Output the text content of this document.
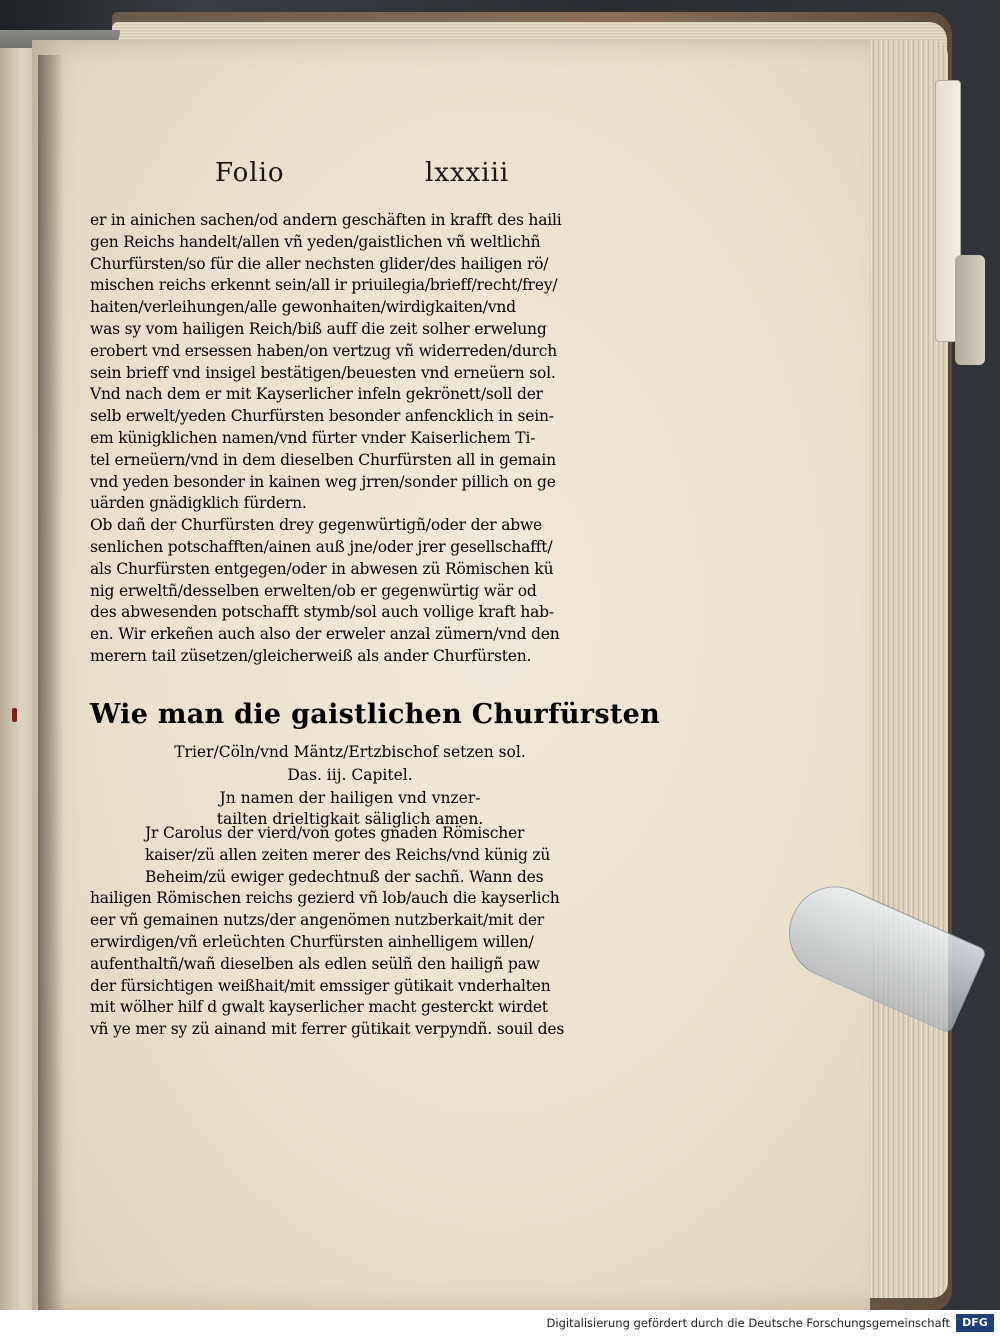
Folio	lxxxiii
er in ainichen sachen/od andern geschäften in krafft des haili
gen Reichs handelt/allen vñ yeden/gaistlichen vñ weltlichñ
Churfürsten/so für die aller nechsten glider/des hailigen rö/
mischen reichs erkennt sein/all ir priuilegia/brieff/recht/frey/
haiten/verleihungen/alle gewonhaiten/wirdigkaiten/vnd
was sy vom hailigen Reich/biß auff die zeit solher erwelung
erobert vnd ersessen haben/on vertzug vñ widerreden/durch
sein brieff vnd insigel bestätigen/beuesten vnd erneüern sol.
Vnd nach dem er mit Kayserlicher infeln gekrönett/soll der
selb erwelt/yeden Churfürsten besonder anfencklich in sein-
em künigklichen namen/vnd fürter vnder Kaiserlichem Ti-
tel erneüern/vnd in dem dieselben Churfürsten all in gemain
vnd yeden besonder in kainen weg jrren/sonder pillich on ge
uärden gnädigklich fürdern.
Ob dañ der Churfürsten drey gegenwürtigñ/oder der abwe
senlichen potschafften/ainen auß jne/oder jrer gesellschafft/
als Churfürsten entgegen/oder in abwesen zü Römischen kü
nig erweltñ/desselben erwelten/ob er gegenwürtig wär od
des abwesenden potschafft stymb/sol auch vollige kraft hab-
en. Wir erkeñen auch also der erweler anzal zümern/vnd den
merern tail züsetzen/gleicherweiß als ander Churfürsten.
Wie man die gaistlichen Churfürsten
Trier/Cöln/vnd Mäntz/Ertzbischof setzen sol.
Das. iij. Capitel.
Jn namen der hailigen vnd vnzer-
tailten drieltigkait säliglich amen.
Jr Carolus der vierd/von gotes gnaden Römischer
kaiser/zü allen zeiten merer des Reichs/vnd künig zü
Beheim/zü ewiger gedechtnuß der sachñ. Wann des
hailigen Römischen reichs gezierd vñ lob/auch die kayserlich
eer vñ gemainen nutzs/der angenömen nutzberkait/mit der
erwirdigen/vñ erleüchten Churfürsten ainhelligem willen/
aufenthaltñ/wañ dieselben als edlen seülñ den hailigñ paw
der fürsichtigen weißhait/mit emssiger gütikait vnderhalten
mit wölher hilf d gwalt kayserlicher macht gesterckt wirdet
vñ ye mer sy zü ainand mit ferrer gütikait verpyndñ. souil des
Digitalisierung gefördert durch die Deutsche Forschungsgemeinschaft	DFG
